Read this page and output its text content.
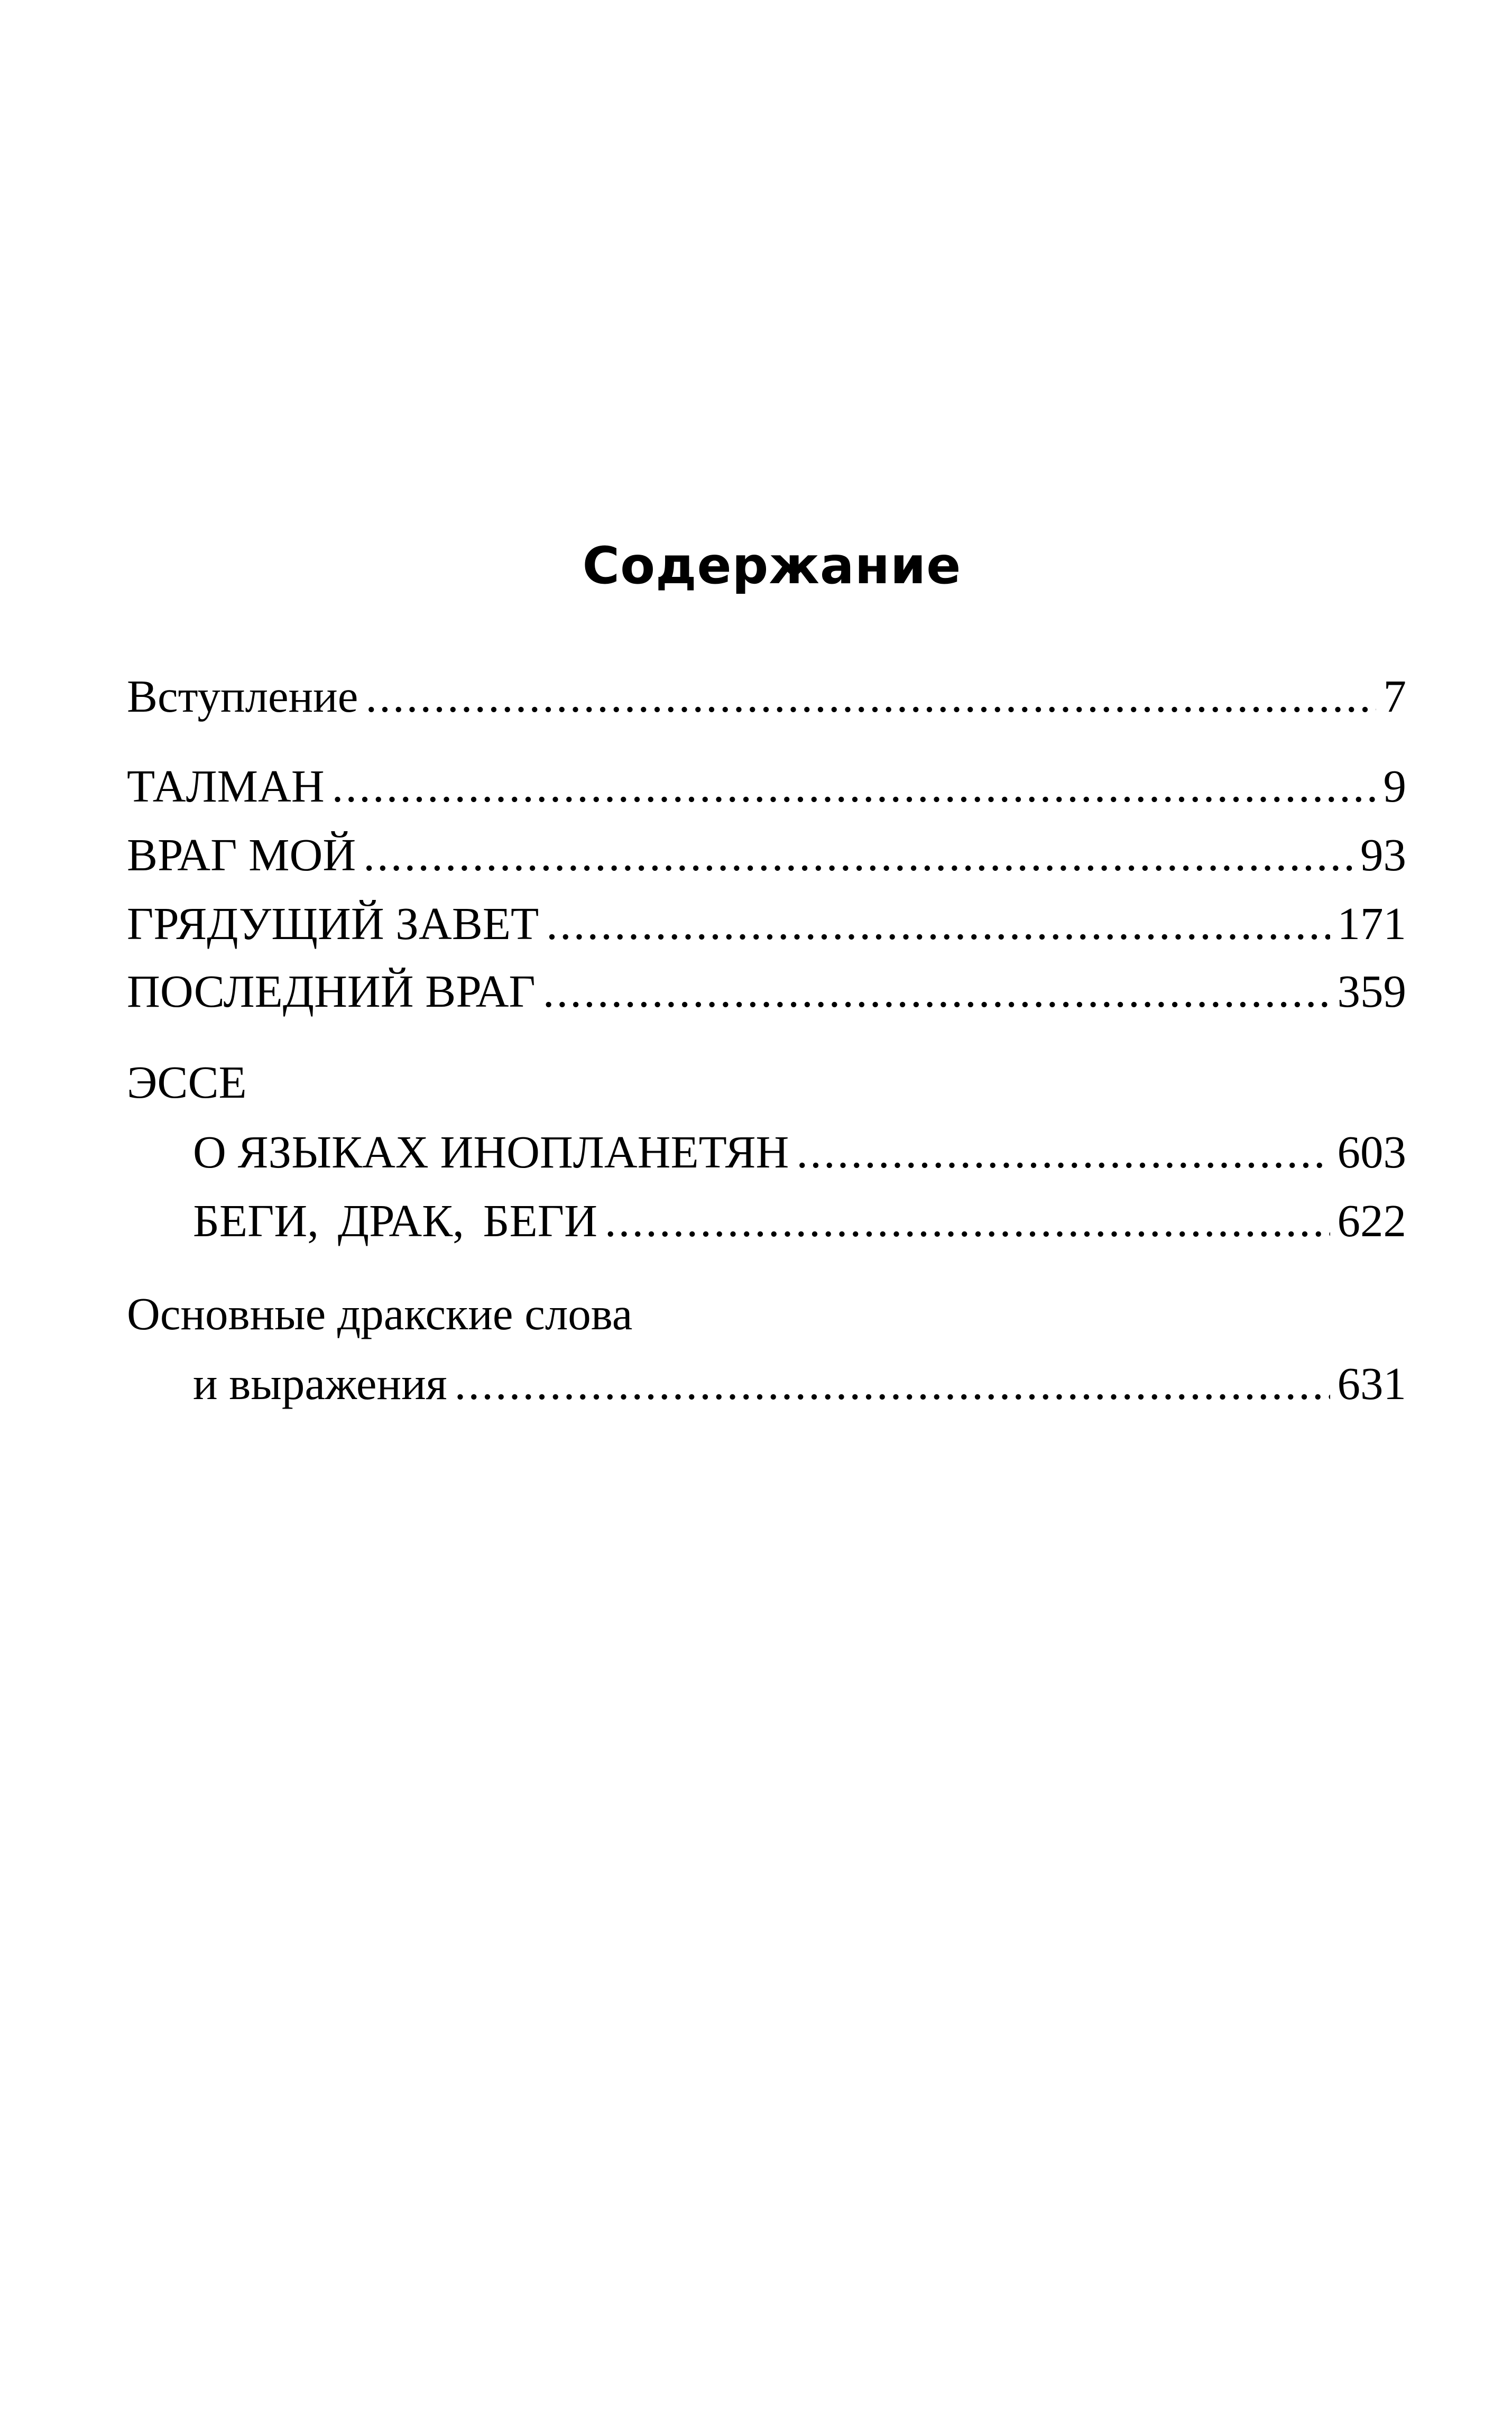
Содержание
Вступление .....	7
ТАЛМАН .....	9
ВРАГ МОЙ .....	93
ГРЯДУЩИЙ ЗАВЕТ .....	171
ПОСЛЕДНИЙ ВРАГ .....	359
ЭССЕ
О ЯЗЫКАХ ИНОПЛАНЕТЯН .....	603
БЕГИ, ДРАК, БЕГИ .....	622
Основные дракские слова
и выражения .....	631
